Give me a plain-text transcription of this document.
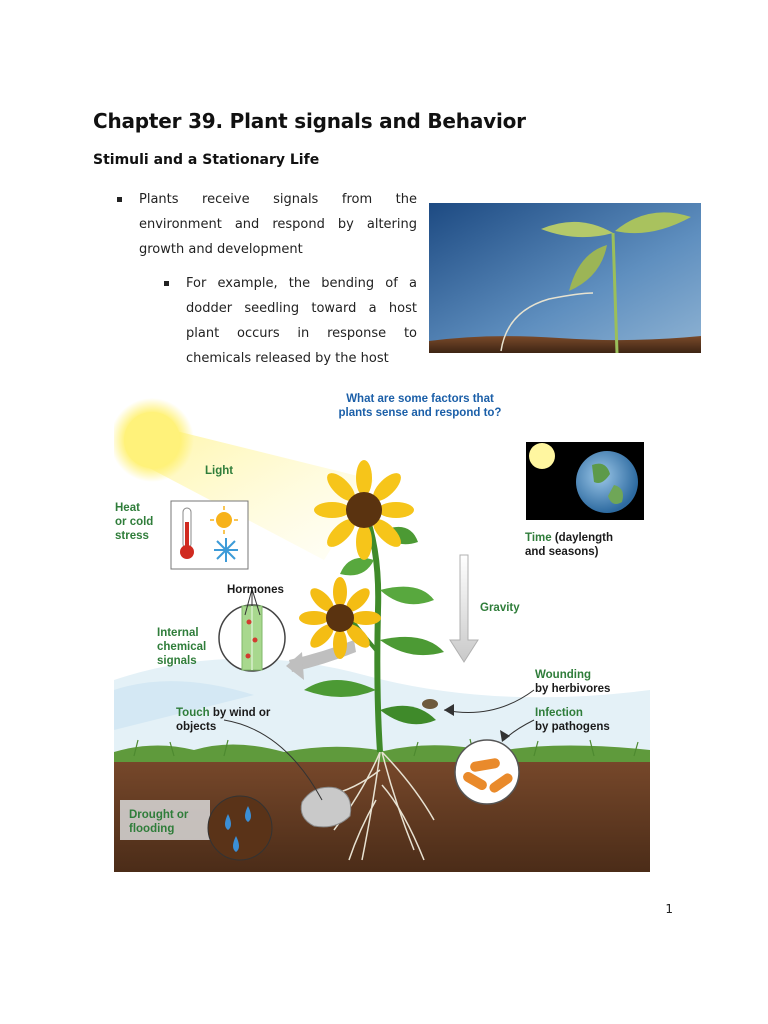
Chapter 39. Plant signals and Behavior
Stimuli and a Stationary Life

Plants receive signals from the environment and respond by altering growth and development

For example, the bending of a dodder seedling toward a host plant occurs in response to chemicals released by the host

What are some factors that
plants sense and respond to?
Light
Heat
or cold
stress
Hormones
Internal
chemical
signals
Time (daylength
and seasons)
Gravity
Wounding
by herbivores
Infection
by pathogens
Touch by wind or
objects
Drought or
flooding
1
